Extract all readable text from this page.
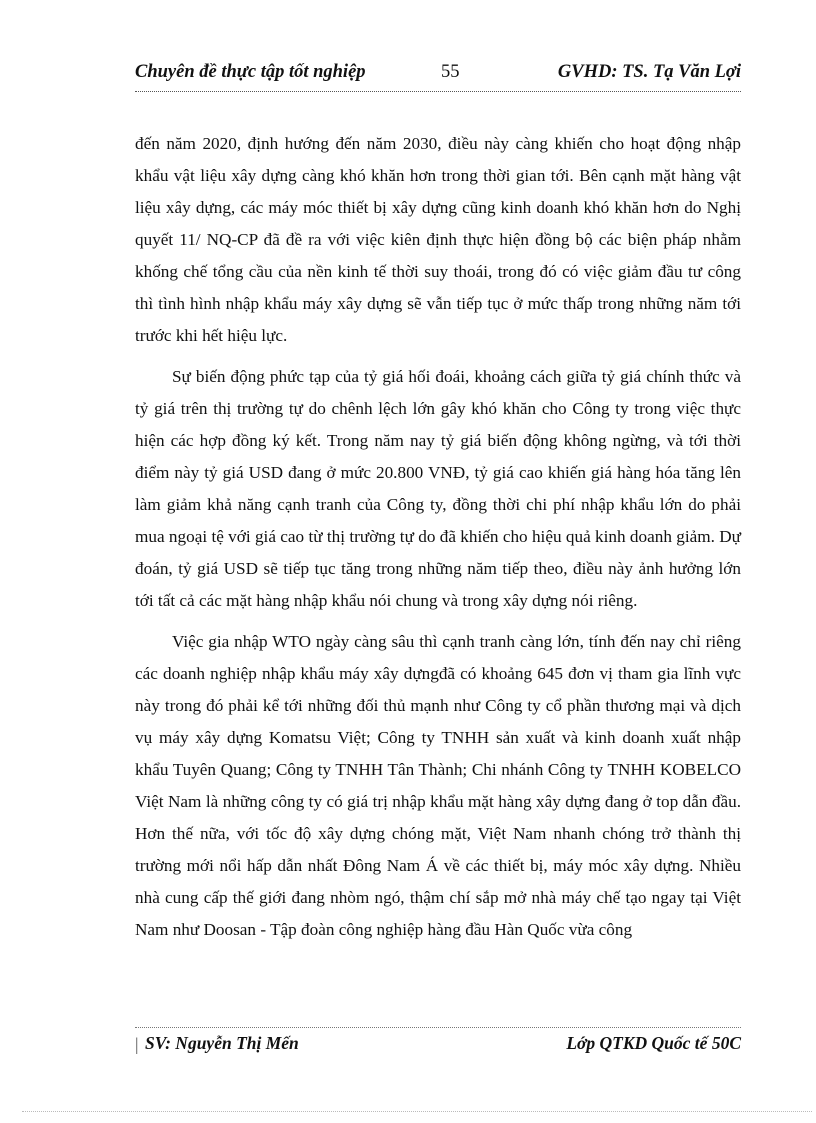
Chuyên đề thực tập tốt nghiệp	55	GVHD: TS. Tạ Văn Lợi

đến năm 2020, định hướng đến năm 2030, điều này càng khiến cho hoạt động nhập khẩu vật liệu xây dựng càng khó khăn hơn trong thời gian tới. Bên cạnh mặt hàng vật liệu xây dựng, các máy móc thiết bị xây dựng cũng kinh doanh khó khăn hơn do Nghị quyết 11/ NQ-CP đã đề ra với việc kiên định thực hiện đồng bộ các biện pháp nhằm khống chế tổng cầu của nền kinh tế thời suy thoái, trong đó có việc giảm đầu tư công thì tình hình nhập khẩu máy xây dựng sẽ vẫn tiếp tục ở mức thấp trong những năm tới trước khi hết hiệu lực.

Sự biến động phức tạp của tỷ giá hối đoái, khoảng cách giữa tỷ giá chính thức và tỷ giá trên thị trường tự do chênh lệch lớn gây khó khăn cho Công ty trong việc thực hiện các hợp đồng ký kết. Trong năm nay tỷ giá biến động không ngừng, và tới thời điểm này tỷ giá USD đang ở mức 20.800 VNĐ, tỷ giá cao khiến giá hàng hóa tăng lên làm giảm khả năng cạnh tranh của Công ty, đồng thời chi phí nhập khẩu lớn do phải mua ngoại tệ với giá cao từ thị trường tự do đã khiến cho hiệu quả kinh doanh giảm. Dự đoán, tỷ giá USD sẽ tiếp tục tăng trong những năm tiếp theo, điều này ảnh hưởng lớn tới tất cả các mặt hàng nhập khẩu nói chung và trong xây dựng nói riêng.

Việc gia nhập WTO ngày càng sâu thì cạnh tranh càng lớn, tính đến nay chỉ riêng các doanh nghiệp nhập khẩu máy xây dựngđã có khoảng 645 đơn vị tham gia lĩnh vực này trong đó phải kể tới những đối thủ mạnh như Công ty cổ phần thương mại và dịch vụ máy xây dựng Komatsu Việt; Công ty TNHH sản xuất và kinh doanh xuất nhập khẩu Tuyên Quang; Công ty TNHH Tân Thành; Chi nhánh Công ty TNHH KOBELCO Việt Nam là những công ty có giá trị nhập khẩu mặt hàng xây dựng đang ở top dẫn đầu. Hơn thế nữa, với tốc độ xây dựng chóng mặt, Việt Nam nhanh chóng trở thành thị trường mới nổi hấp dẫn nhất Đông Nam Á về các thiết bị, máy móc xây dựng. Nhiều nhà cung cấp thế giới đang nhòm ngó, thậm chí sắp mở nhà máy chế tạo ngay tại Việt Nam như Doosan - Tập đoàn công nghiệp hàng đầu Hàn Quốc vừa công

| SV: Nguyễn Thị Mến	Lớp QTKD Quốc tế 50C
